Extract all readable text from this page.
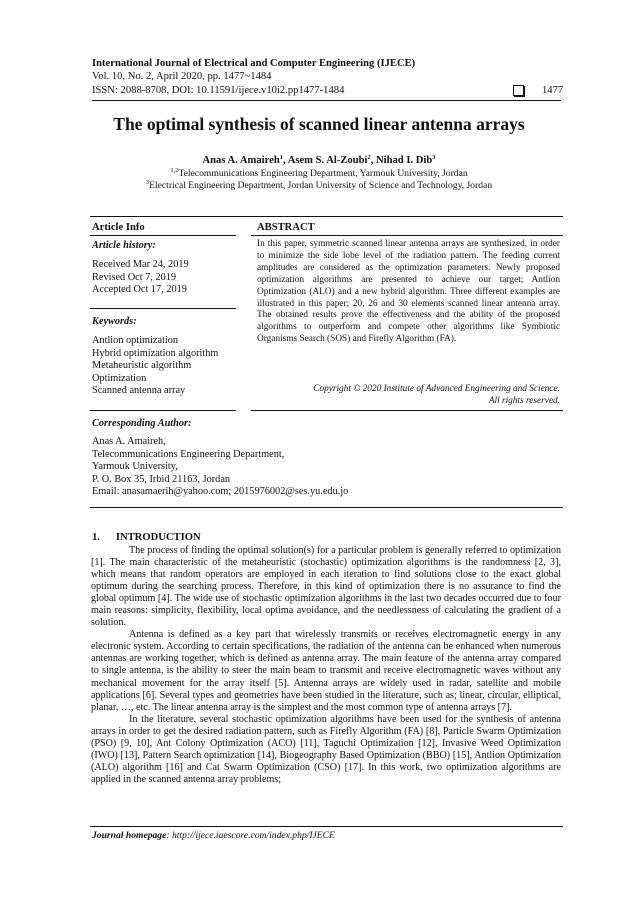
International Journal of Electrical and Computer Engineering (IJECE)
Vol. 10, No. 2, April 2020, pp. 1477~1484
ISSN: 2088-8708, DOI: 10.11591/ijece.v10i2.pp1477-1484	1477
The optimal synthesis of scanned linear antenna arrays
Anas A. Amaireh$^1$, Asem S. Al-Zoubi$^2$, Nihad I. Dib$^3$
$^{1,2}$Telecommunications Engineering Department, Yarmouk University, Jordan
$^3$Electrical Engineering Department, Jordan University of Science and Technology, Jordan
Article Info
Article history:
Received Mar 24, 2019
Revised Oct 7, 2019
Accepted Oct 17, 2019
Keywords:
Antlion optimization
Hybrid optimization algorithm
Metaheuristic algorithm
Optimization
Scanned antenna array
ABSTRACT
In this paper, symmetric scanned linear antenna arrays are synthesized, in order to minimize the side lobe level of the radiation pattern. The feeding current amplitudes are considered as the optimization parameters. Newly proposed optimization algorithms are presented to achieve our target; Antlion Optimization (ALO) and a new hybrid algorithm. Three different examples are illustrated in this paper; 20, 26 and 30 elements scanned linear antenna array. The obtained results prove the effectiveness and the ability of the proposed algorithms to outperform and compete other algorithms like Symbiotic Organisms Search (SOS) and Firefly Algorithm (FA).
Copyright © 2020 Institute of Advanced Engineering and Science.
All rights reserved.
Corresponding Author:
Anas A. Amaireh,
Telecommunications Engineering Department,
Yarmouk University,
P. O. Box 35, Irbid 21163, Jordan
Email: anasamaerih@yahoo.com; 2015976002@ses.yu.edu.jo
1.      INTRODUCTION

The process of finding the optimal solution(s) for a particular problem is generally referred to optimization [1]. The main characteristic of the metaheuristic (stochastic) optimization algorithms is the randomness [2, 3], which means that random operators are employed in each iteration to find solutions close to the exact global optimum during the searching process. Therefore, in this kind of optimization there is no assurance to find the global optimum [4]. The wide use of stochastic optimization algorithms in the last two decades occurred due to four main reasons: simplicity, flexibility, local optima avoidance, and the needlessness of calculating the gradient of a solution.

Antenna is defined as a key part that wirelessly transmits or receives electromagnetic energy in any electronic system. According to certain specifications, the radiation of the antenna can be enhanced when numerous antennas are working together, which is defined as antenna array. The main feature of the antenna array compared to single antenna, is the ability to steer the main beam to transmit and receive electromagnetic waves without any mechanical movement for the array itself [5]. Antenna arrays are widely used in radar, satellite and mobile applications [6]. Several types and geometries have been studied in the literature, such as; linear, circular, elliptical, planar, …, etc. The linear antenna array is the simplest and the most common type of antenna arrays [7].

In the literature, several stochastic optimization algorithms have been used for the synthesis of antenna arrays in order to get the desired radiation pattern, such as Firefly Algorithm (FA) [8], Particle Swarm Optimization (PSO) [9, 10], Ant Colony Optimization (ACO) [11], Taguchi Optimization [12], Invasive Weed Optimization (IWO) [13], Pattern Search optimization [14], Biogeography Based Optimization (BBO) [15], Antlion Optimization (ALO) algorithm [16] and Cat Swarm Optimization (CSO) [17]. In this work, two optimization algorithms are applied in the scanned antenna array problems;

Journal homepage: http://ijece.iaescore.com/index.php/IJECE
